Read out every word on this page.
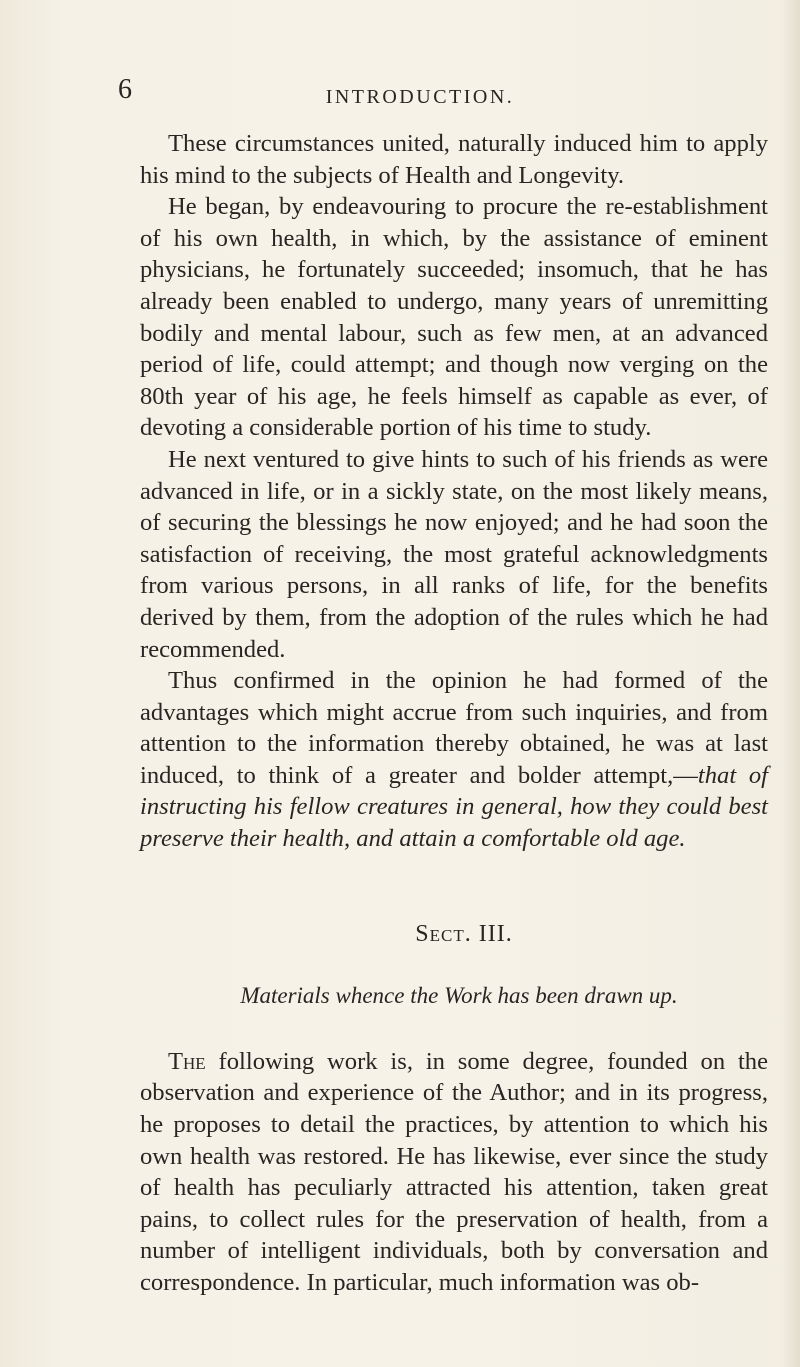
6	INTRODUCTION.

These circumstances united, naturally induced him to apply his mind to the subjects of Health and Longevity.

He began, by endeavouring to procure the re-establishment of his own health, in which, by the assistance of eminent physicians, he fortunately succeeded; insomuch, that he has already been enabled to undergo, many years of unremitting bodily and mental labour, such as few men, at an advanced period of life, could attempt; and though now verging on the 80th year of his age, he feels himself as capable as ever, of devoting a considerable portion of his time to study.

He next ventured to give hints to such of his friends as were advanced in life, or in a sickly state, on the most likely means, of securing the blessings he now enjoyed; and he had soon the satisfaction of receiving, the most grateful acknowledgments from various persons, in all ranks of life, for the benefits derived by them, from the adoption of the rules which he had recommended.

Thus confirmed in the opinion he had formed of the advantages which might accrue from such inquiries, and from attention to the information thereby obtained, he was at last induced, to think of a greater and bolder attempt,—that of instructing his fellow creatures in general, how they could best preserve their health, and attain a comfortable old age.

Sect. III.
Materials whence the Work has been drawn up.

The following work is, in some degree, founded on the observation and experience of the Author; and in its progress, he proposes to detail the practices, by attention to which his own health was restored. He has likewise, ever since the study of health has peculiarly attracted his attention, taken great pains, to collect rules for the preservation of health, from a number of intelligent individuals, both by conversation and correspondence. In particular, much information was ob-
